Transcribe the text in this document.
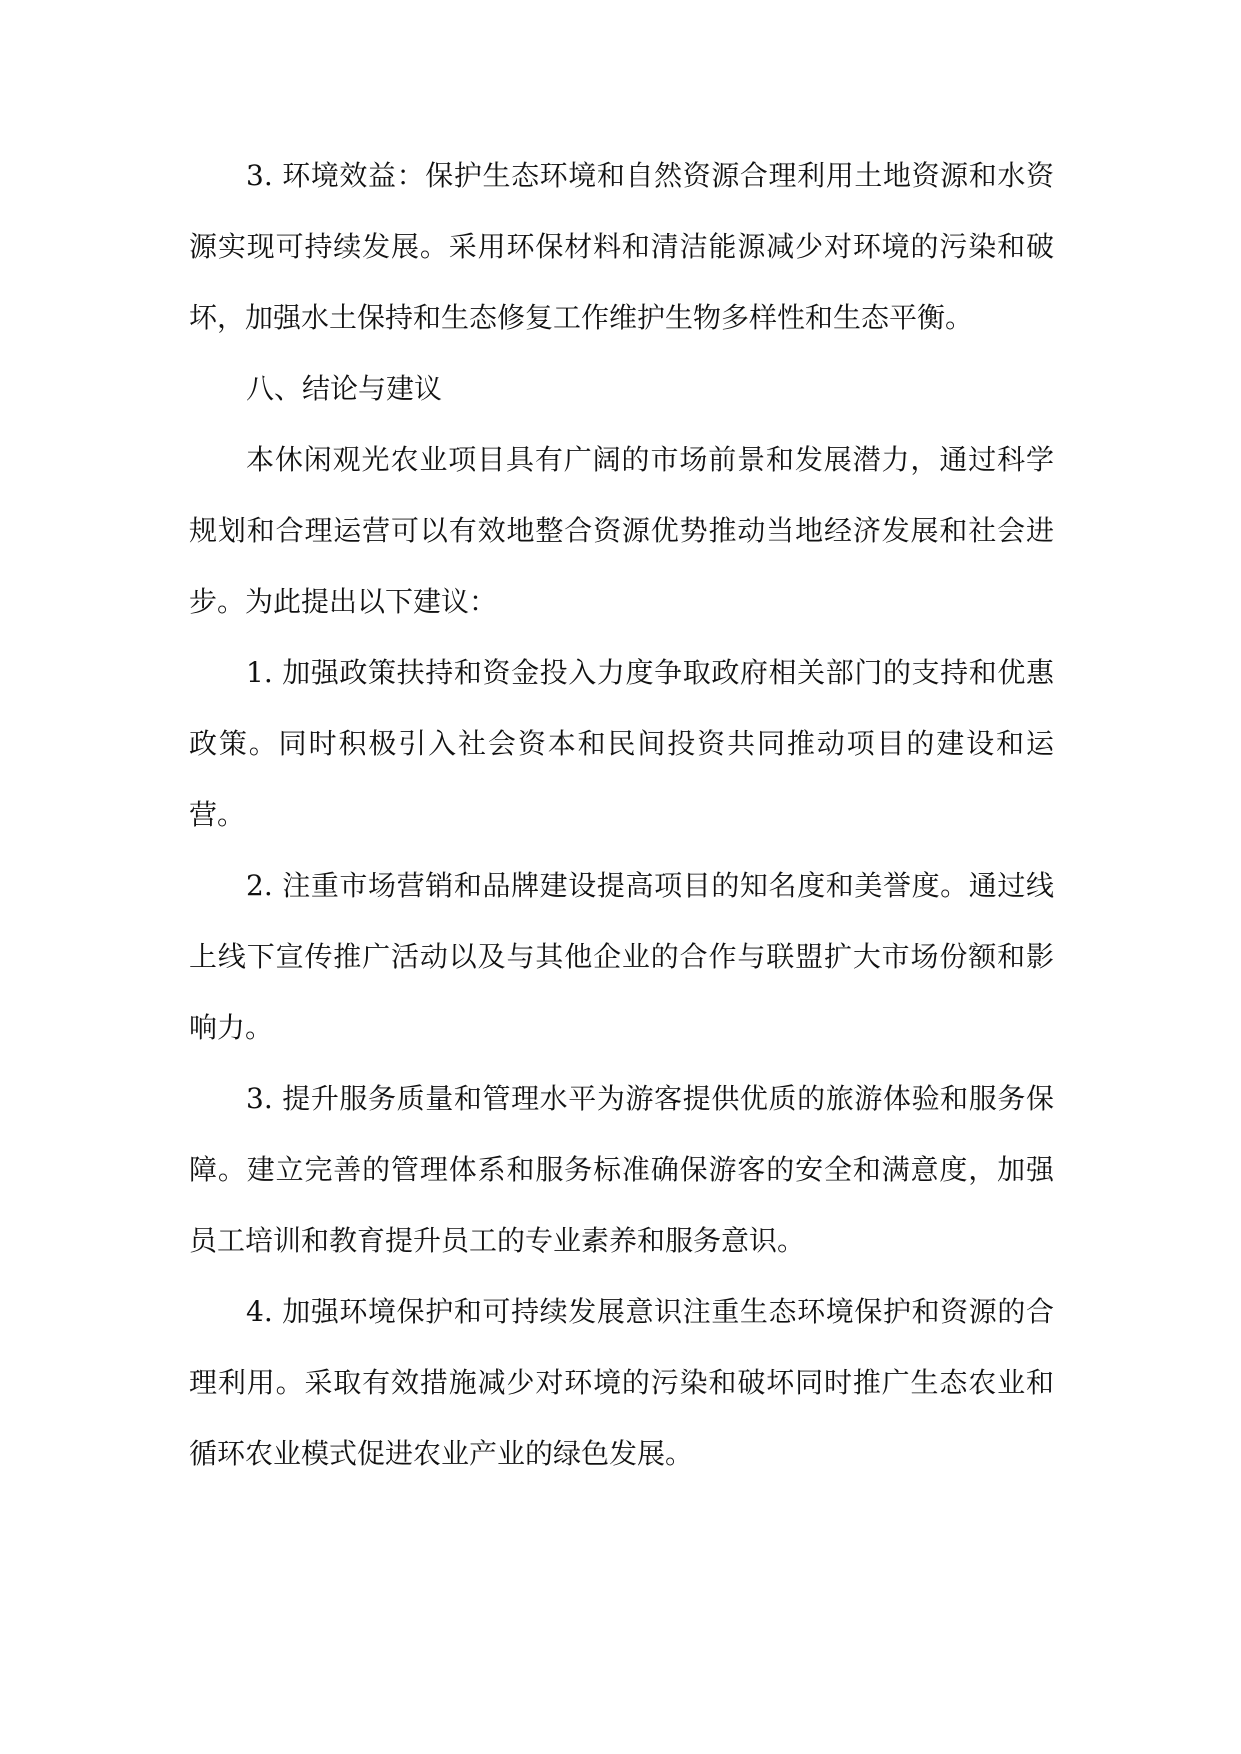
3. 环境效益：保护生态环境和自然资源合理利用土地资源和水资源实现可持续发展。采用环保材料和清洁能源减少对环境的污染和破坏，加强水土保持和生态修复工作维护生物多样性和生态平衡。

八、结论与建议

本休闲观光农业项目具有广阔的市场前景和发展潜力，通过科学规划和合理运营可以有效地整合资源优势推动当地经济发展和社会进步。为此提出以下建议：

1. 加强政策扶持和资金投入力度争取政府相关部门的支持和优惠政策。同时积极引入社会资本和民间投资共同推动项目的建设和运营。

2. 注重市场营销和品牌建设提高项目的知名度和美誉度。通过线上线下宣传推广活动以及与其他企业的合作与联盟扩大市场份额和影响力。

3. 提升服务质量和管理水平为游客提供优质的旅游体验和服务保障。建立完善的管理体系和服务标准确保游客的安全和满意度，加强员工培训和教育提升员工的专业素养和服务意识。

4. 加强环境保护和可持续发展意识注重生态环境保护和资源的合理利用。采取有效措施减少对环境的污染和破坏同时推广生态农业和循环农业模式促进农业产业的绿色发展。
